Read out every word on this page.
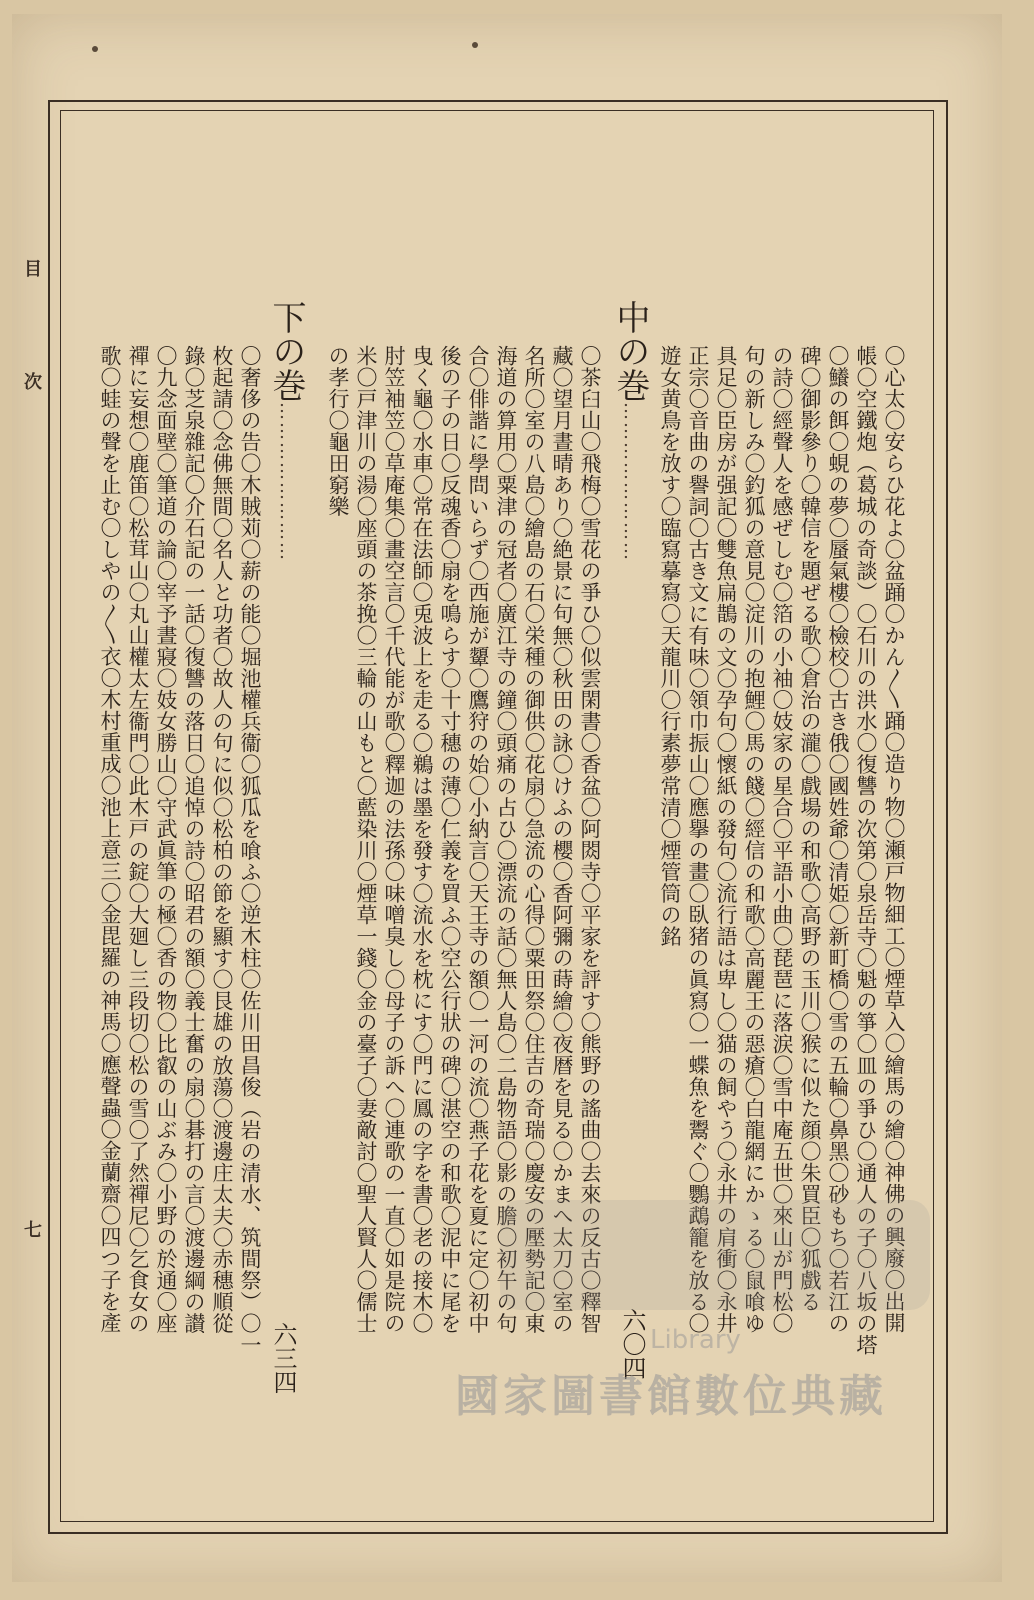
目
次
七
中の巻……………………
六〇四
〇心太〇安らひ花よ〇盆踊〇かん〳〵踊〇造り物〇瀬戸物細工〇煙草入〇繪馬の繪〇神佛の興廢〇出開
帳〇空鐵炮（葛城の奇談）〇石川の洪水〇復讐の次第〇泉岳寺〇魁の箏〇皿の爭ひ〇通人の子〇八坂の塔
〇鱶の餌〇蜆の夢〇蜃氣樓〇檢校〇古き俄〇國姓爺〇清姫〇新町橋〇雪の五輪〇鼻黑〇砂もち〇若江の
碑〇御影參り〇韓信を題ぜる歌〇倉治の瀧〇戲場の和歌〇高野の玉川〇猴に似た顔〇朱買臣〇狐戲る
の詩〇經聲人を感ぜしむ〇箔の小袖〇妓家の星合〇平語小曲〇琵琶に落涙〇雪中庵五世〇來山が門松〇
句の新しみ〇釣狐の意見〇淀川の抱鯉〇馬の餞〇經信の和歌〇高麗王の惡瘡〇白龍網にかゝる〇鼠喰ゆ
具足〇臣房が强記〇雙魚扁鵲の文〇孕句〇懷紙の發句〇流行語は卑し〇猫の飼やう〇永井の肩衝〇永井
正宗〇音曲の譽詞〇古き文に有味〇領巾振山〇應擧の畫〇臥猪の眞寫〇一蝶魚を鬻ぐ〇鸚鵡籠を放る〇
遊女黄鳥を放す〇臨寫摹寫〇天龍川〇行素夢常清〇煙管筒の銘
〇茶臼山〇飛梅〇雪花の爭ひ〇似雲閑書〇香盆〇阿閦寺〇平家を評す〇熊野の謠曲〇去來の反古〇釋智
藏〇望月晝晴あり〇絶景に句無〇秋田の詠〇けふの櫻〇香阿彌の蒔繪〇夜暦を見る〇かまへ太刀〇室の
名所〇室の八島〇繪島の石〇栄種の御供〇花扇〇急流の心得〇粟田祭〇住吉の奇瑞〇慶安の壓勢記〇東
海道の算用〇粟津の冠者〇廣江寺の鐘〇頭痛の占ひ〇漂流の話〇無人島〇二島物語〇影の膽〇初午の句
合〇俳諧に學問いらず〇西施が顰〇鷹狩の始〇小納言〇天王寺の額〇一河の流〇燕子花を夏に定〇初中
後の子の日〇反魂香〇扇を鳴らす〇十寸穗の薄〇仁義を買ふ〇空公行狀の碑〇湛空の和歌〇泥中に尾を
曳く龜〇水車〇常在法師〇兎波上を走る〇鵜は墨を發す〇流水を枕にす〇門に鳳の字を書〇老の接木〇
肘笠袖笠〇草庵集〇畫空言〇千代能が歌〇釋迦の法孫〇味噌臭し〇母子の訴へ〇連歌の一直〇如是院の
米〇戸津川の湯〇座頭の茶挽〇三輪の山もと〇藍染川〇煙草一錢〇金の臺子〇妻敵討〇聖人賢人〇儒士
の孝行〇龜田窮樂
下の巻……………………
六三四
〇奢侈の告〇木賊苅〇薪の能〇堀池權兵衞〇狐瓜を喰ふ〇逆木柱〇佐川田昌俊（岩の清水、筑間祭）〇一
枚起請〇念佛無間〇名人と功者〇故人の句に似〇松柏の節を顯す〇艮雄の放蕩〇渡邊庄太夫〇赤穗順從
錄〇芝泉雜記〇介石記の一話〇復讐の落日〇追悼の詩〇昭君の額〇義士奮の扇〇碁打の言〇渡邊綱の讃
〇九念面壁〇筆道の論〇宰予晝寢〇妓女勝山〇守武眞筆の極〇香の物〇比叡の山ぶみ〇小野の於通〇座
禪に妄想〇鹿笛〇松茸山〇丸山權太左衞門〇此木戸の錠〇大廻し三段切〇松の雪〇了然禪尼〇乞食女の
歌〇蛙の聲を止む〇しやの〳〵衣〇木村重成〇池上意三〇金毘羅の神馬〇應聲蟲〇金蘭齋〇四つ子を產
Library
國家圖書館數位典藏
